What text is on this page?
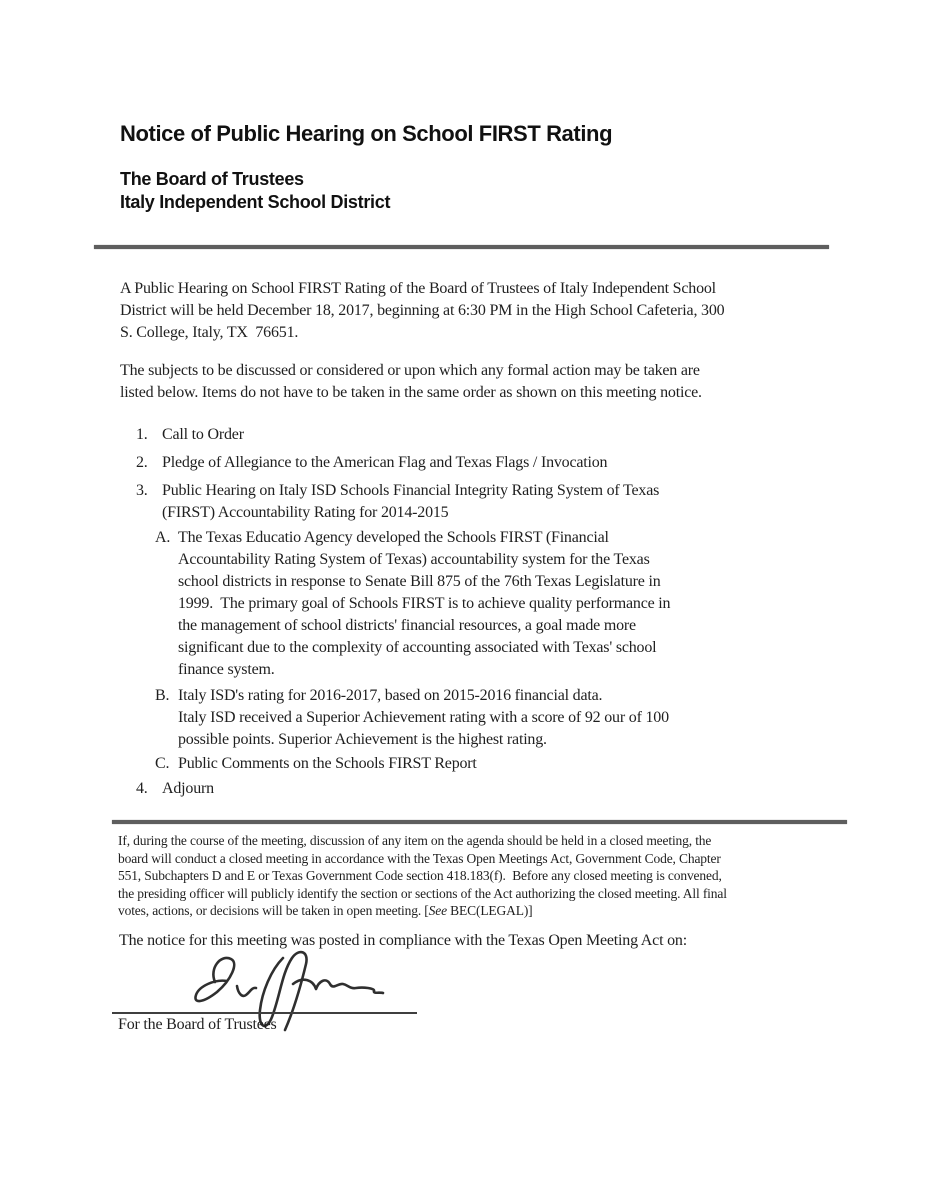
Notice of Public Hearing on School FIRST Rating
The Board of Trustees
Italy Independent School District
A Public Hearing on School FIRST Rating of the Board of Trustees of Italy Independent School
District will be held December 18, 2017, beginning at 6:30 PM in the High School Cafeteria, 300
S. College, Italy, TX  76651.
The subjects to be discussed or considered or upon which any formal action may be taken are
listed below. Items do not have to be taken in the same order as shown on this meeting notice.
1. Call to Order
2. Pledge of Allegiance to the American Flag and Texas Flags / Invocation
3. Public Hearing on Italy ISD Schools Financial Integrity Rating System of Texas
(FIRST) Accountability Rating for 2014-2015
A. The Texas Educatio Agency developed the Schools FIRST (Financial
Accountability Rating System of Texas) accountability system for the Texas
school districts in response to Senate Bill 875 of the 76th Texas Legislature in
1999.  The primary goal of Schools FIRST is to achieve quality performance in
the management of school districts' financial resources, a goal made more
significant due to the complexity of accounting associated with Texas' school
finance system.
B. Italy ISD's rating for 2016-2017, based on 2015-2016 financial data.
Italy ISD received a Superior Achievement rating with a score of 92 our of 100
possible points. Superior Achievement is the highest rating.
C. Public Comments on the Schools FIRST Report
4. Adjourn
If, during the course of the meeting, discussion of any item on the agenda should be held in a closed meeting, the
board will conduct a closed meeting in accordance with the Texas Open Meetings Act, Government Code, Chapter
551, Subchapters D and E or Texas Government Code section 418.183(f).  Before any closed meeting is convened,
the presiding officer will publicly identify the section or sections of the Act authorizing the closed meeting. All final
votes, actions, or decisions will be taken in open meeting. [See BEC(LEGAL)]
The notice for this meeting was posted in compliance with the Texas Open Meeting Act on:
For the Board of Trustees
